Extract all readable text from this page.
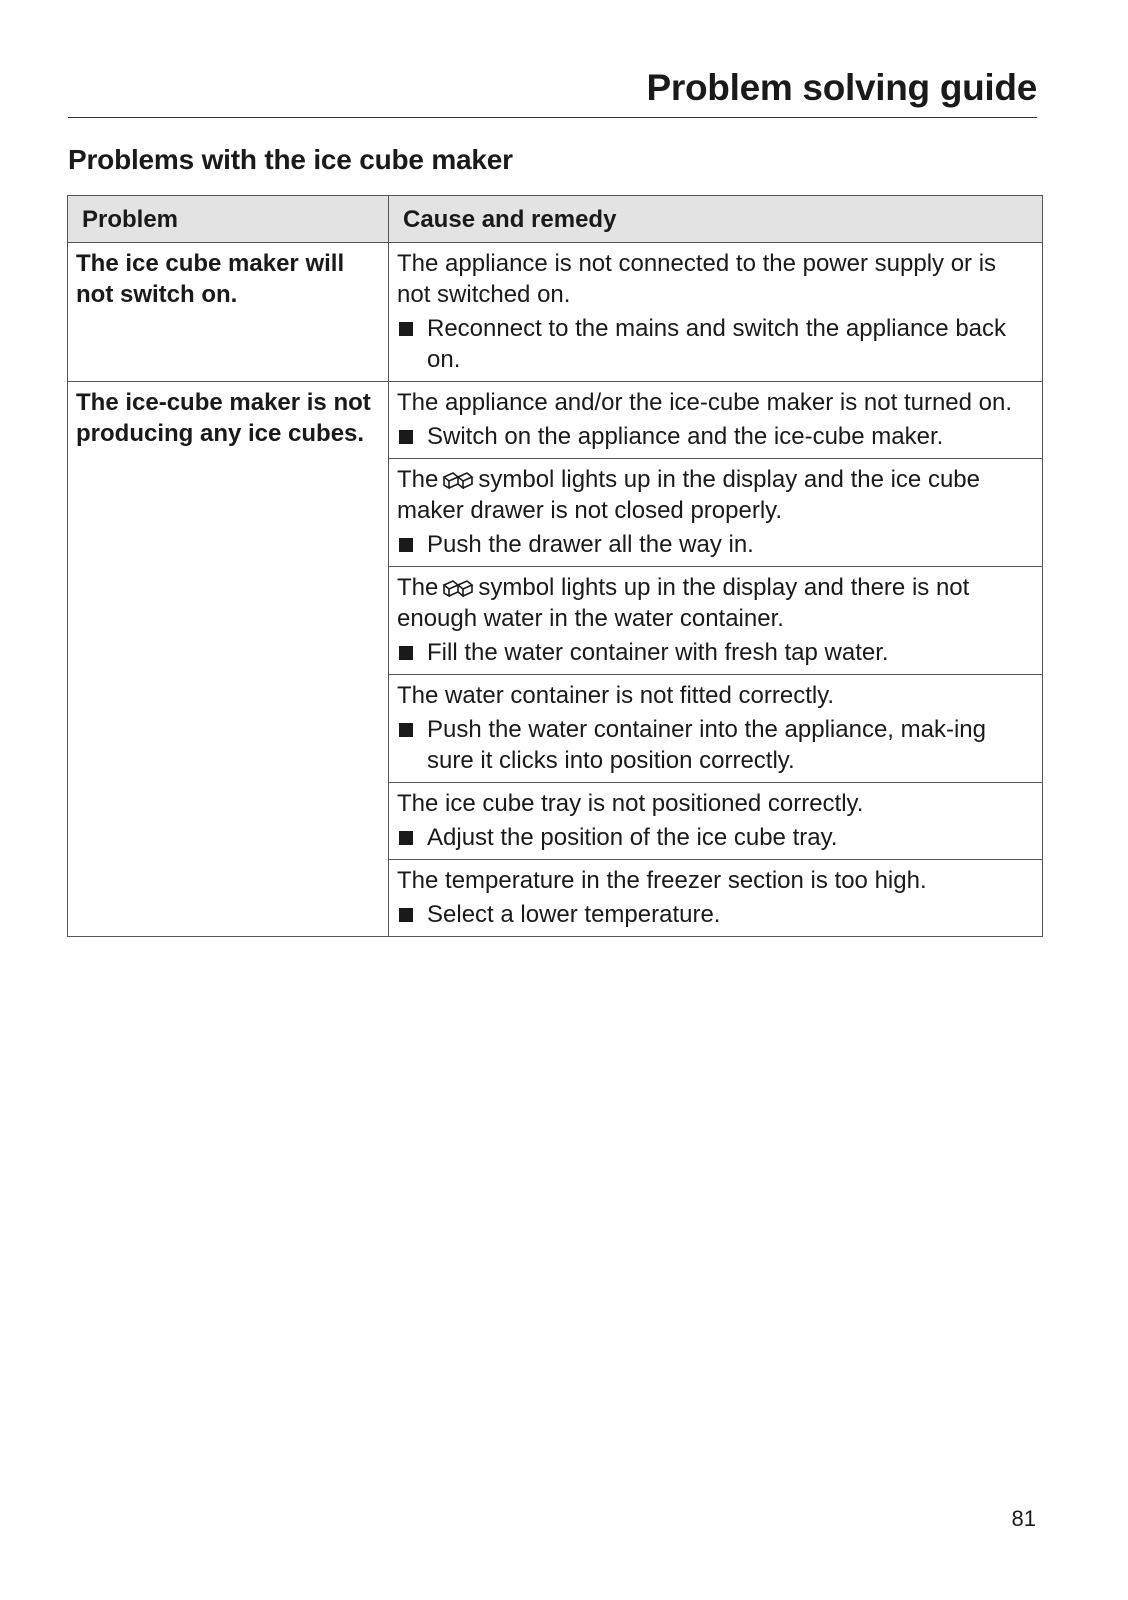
Problem solving guide
Problems with the ice cube maker
Problem	Cause and remedy
The ice cube maker will not switch on.	The appliance is not connected to the power supply or is not switched on.

Reconnect to the mains and switch the appliance back on.

The ice-cube maker is not producing any ice cubes.	The appliance and/or the ice-cube maker is not turned on.

Switch on the appliance and the ice-cube maker.

	The symbol lights up in the display and the ice cube maker drawer is not closed properly.

Push the drawer all the way in.

	The symbol lights up in the display and there is not enough water in the water container.

Fill the water container with fresh tap water.

	The water container is not fitted correctly.

Push the water container into the appliance, mak-ing sure it clicks into position correctly.

	The ice cube tray is not positioned correctly.

Adjust the position of the ice cube tray.

	The temperature in the freezer section is too high.

Select a lower temperature.

81
